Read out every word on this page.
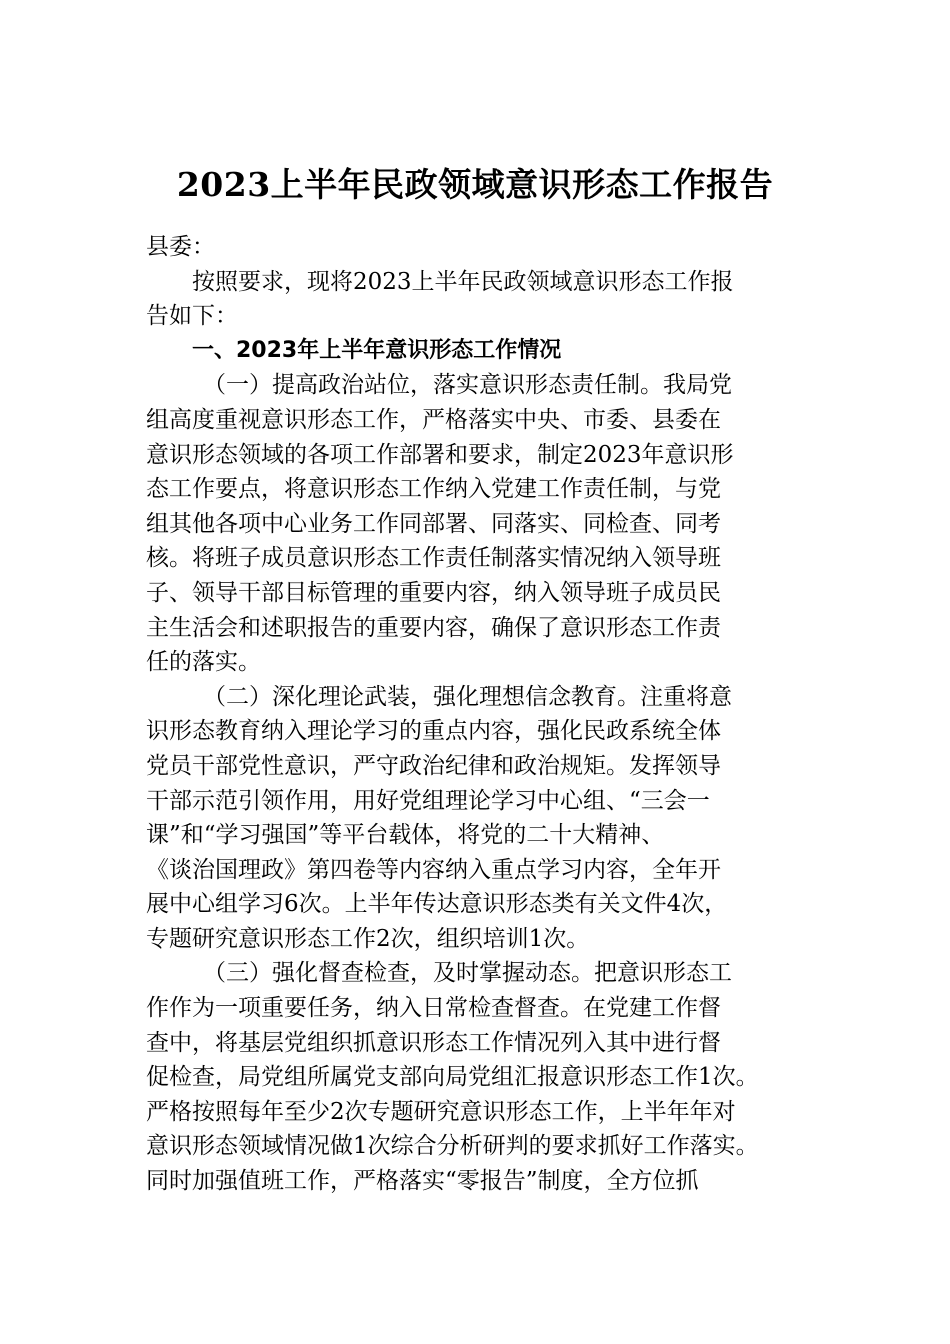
2023上半年民政领域意识形态工作报告
县委：
按照要求，现将2023上半年民政领域意识形态工作报
告如下：
一、2023年上半年意识形态工作情况
（一）提高政治站位，落实意识形态责任制。我局党
组高度重视意识形态工作，严格落实中央、市委、县委在
意识形态领域的各项工作部署和要求，制定2023年意识形
态工作要点，将意识形态工作纳入党建工作责任制，与党
组其他各项中心业务工作同部署、同落实、同检查、同考
核。将班子成员意识形态工作责任制落实情况纳入领导班
子、领导干部目标管理的重要内容，纳入领导班子成员民
主生活会和述职报告的重要内容，确保了意识形态工作责
任的落实。
（二）深化理论武装，强化理想信念教育。注重将意
识形态教育纳入理论学习的重点内容，强化民政系统全体
党员干部党性意识，严守政治纪律和政治规矩。发挥领导
干部示范引领作用，用好党组理论学习中心组、“三会一
课”和“学习强国”等平台载体，将党的二十大精神、
《谈治国理政》第四卷等内容纳入重点学习内容，全年开
展中心组学习6次。上半年传达意识形态类有关文件4次，
专题研究意识形态工作2次，组织培训1次。
（三）强化督查检查，及时掌握动态。把意识形态工
作作为一项重要任务，纳入日常检查督查。在党建工作督
查中，将基层党组织抓意识形态工作情况列入其中进行督
促检查，局党组所属党支部向局党组汇报意识形态工作1次。
严格按照每年至少2次专题研究意识形态工作，上半年年对
意识形态领域情况做1次综合分析研判的要求抓好工作落实。
同时加强值班工作，严格落实“零报告”制度，全方位抓
